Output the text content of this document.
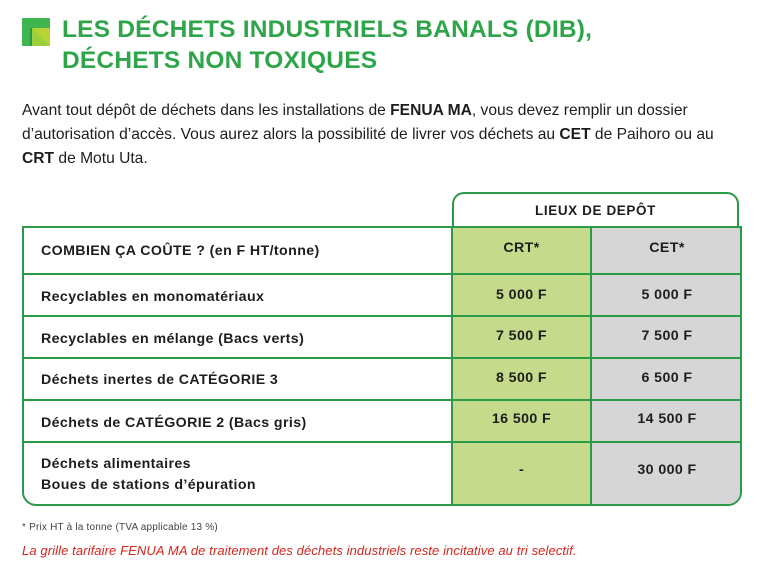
LES DÉCHETS INDUSTRIELS BANALS (DIB),
DÉCHETS NON TOXIQUES

Avant tout dépôt de déchets dans les installations de FENUA MA, vous devez remplir un dossier d’autorisation d’accès. Vous aurez alors la possibilité de livrer vos déchets au CET de Paihoro ou au CRT de Motu Uta.

LIEUX DE DEPÔT
COMBIEN ÇA COÛTE ? (en F HT/tonne)	CRT*	CET*
Recyclables en monomatériaux	5 000 F	5 000 F
Recyclables en mélange (Bacs verts)	7 500 F	7 500 F
Déchets inertes de CATÉGORIE 3	8 500 F	6 500 F
Déchets de CATÉGORIE 2 (Bacs gris)	16 500 F	14 500 F
Déchets alimentaires
Boues de stations d’épuration
-	30 000 F

* Prix HT à la tonne (TVA applicable 13 %)

La grille tarifaire FENUA MA de traitement des déchets industriels reste incitative au tri selectif.
